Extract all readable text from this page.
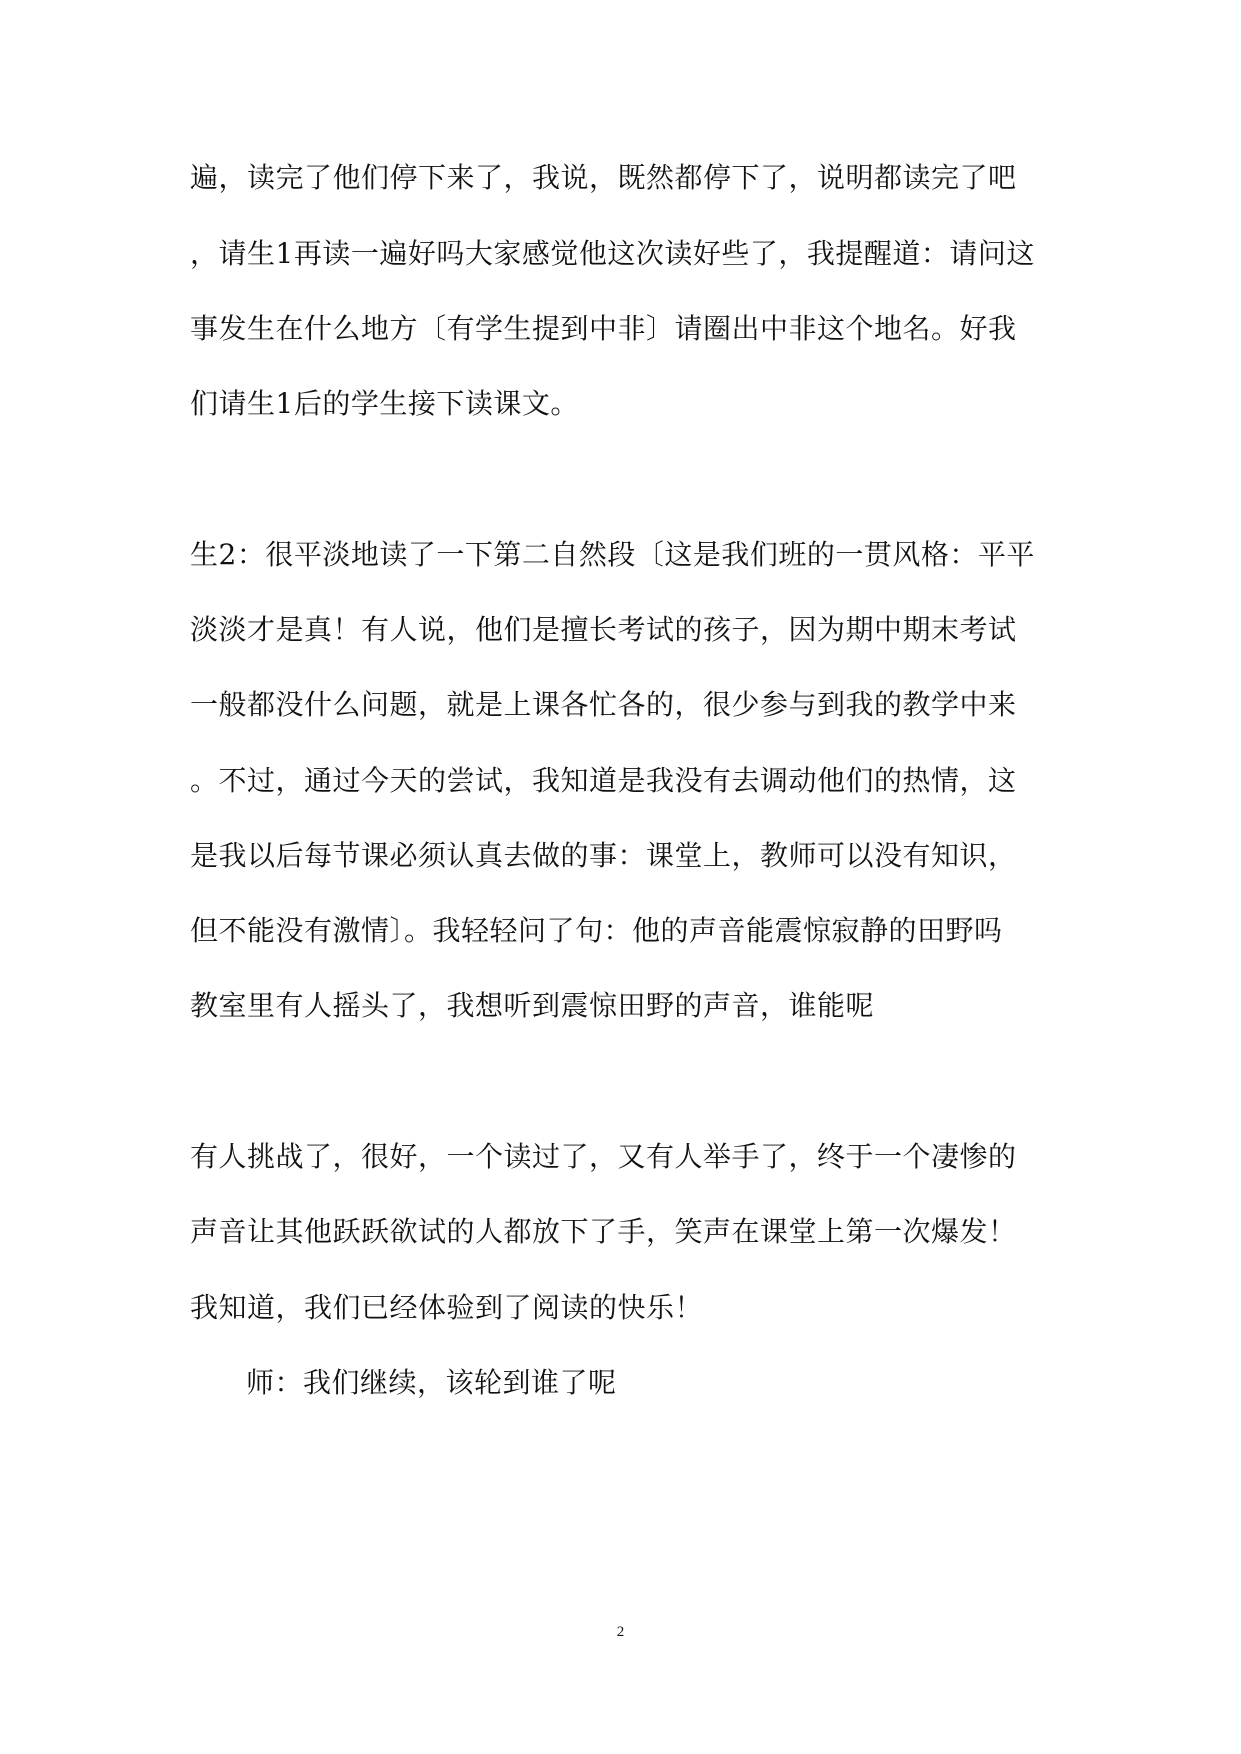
遍，读完了他们停下来了，我说，既然都停下了，说明都读完了吧
，请生1再读一遍好吗大家感觉他这次读好些了，我提醒道：请问这
事发生在什么地方〔有学生提到中非〕请圈出中非这个地名。好我
们请生1后的学生接下读课文。
生2：很平淡地读了一下第二自然段〔这是我们班的一贯风格：平平
淡淡才是真！有人说，他们是擅长考试的孩子，因为期中期末考试
一般都没什么问题，就是上课各忙各的，很少参与到我的教学中来
。不过，通过今天的尝试，我知道是我没有去调动他们的热情，这
是我以后每节课必须认真去做的事：课堂上，教师可以没有知识，
但不能没有激情〕。我轻轻问了句：他的声音能震惊寂静的田野吗
教室里有人摇头了，我想听到震惊田野的声音，谁能呢
有人挑战了，很好，一个读过了，又有人举手了，终于一个凄惨的
声音让其他跃跃欲试的人都放下了手，笑声在课堂上第一次爆发！
我知道，我们已经体验到了阅读的快乐！
师：我们继续，该轮到谁了呢
2
